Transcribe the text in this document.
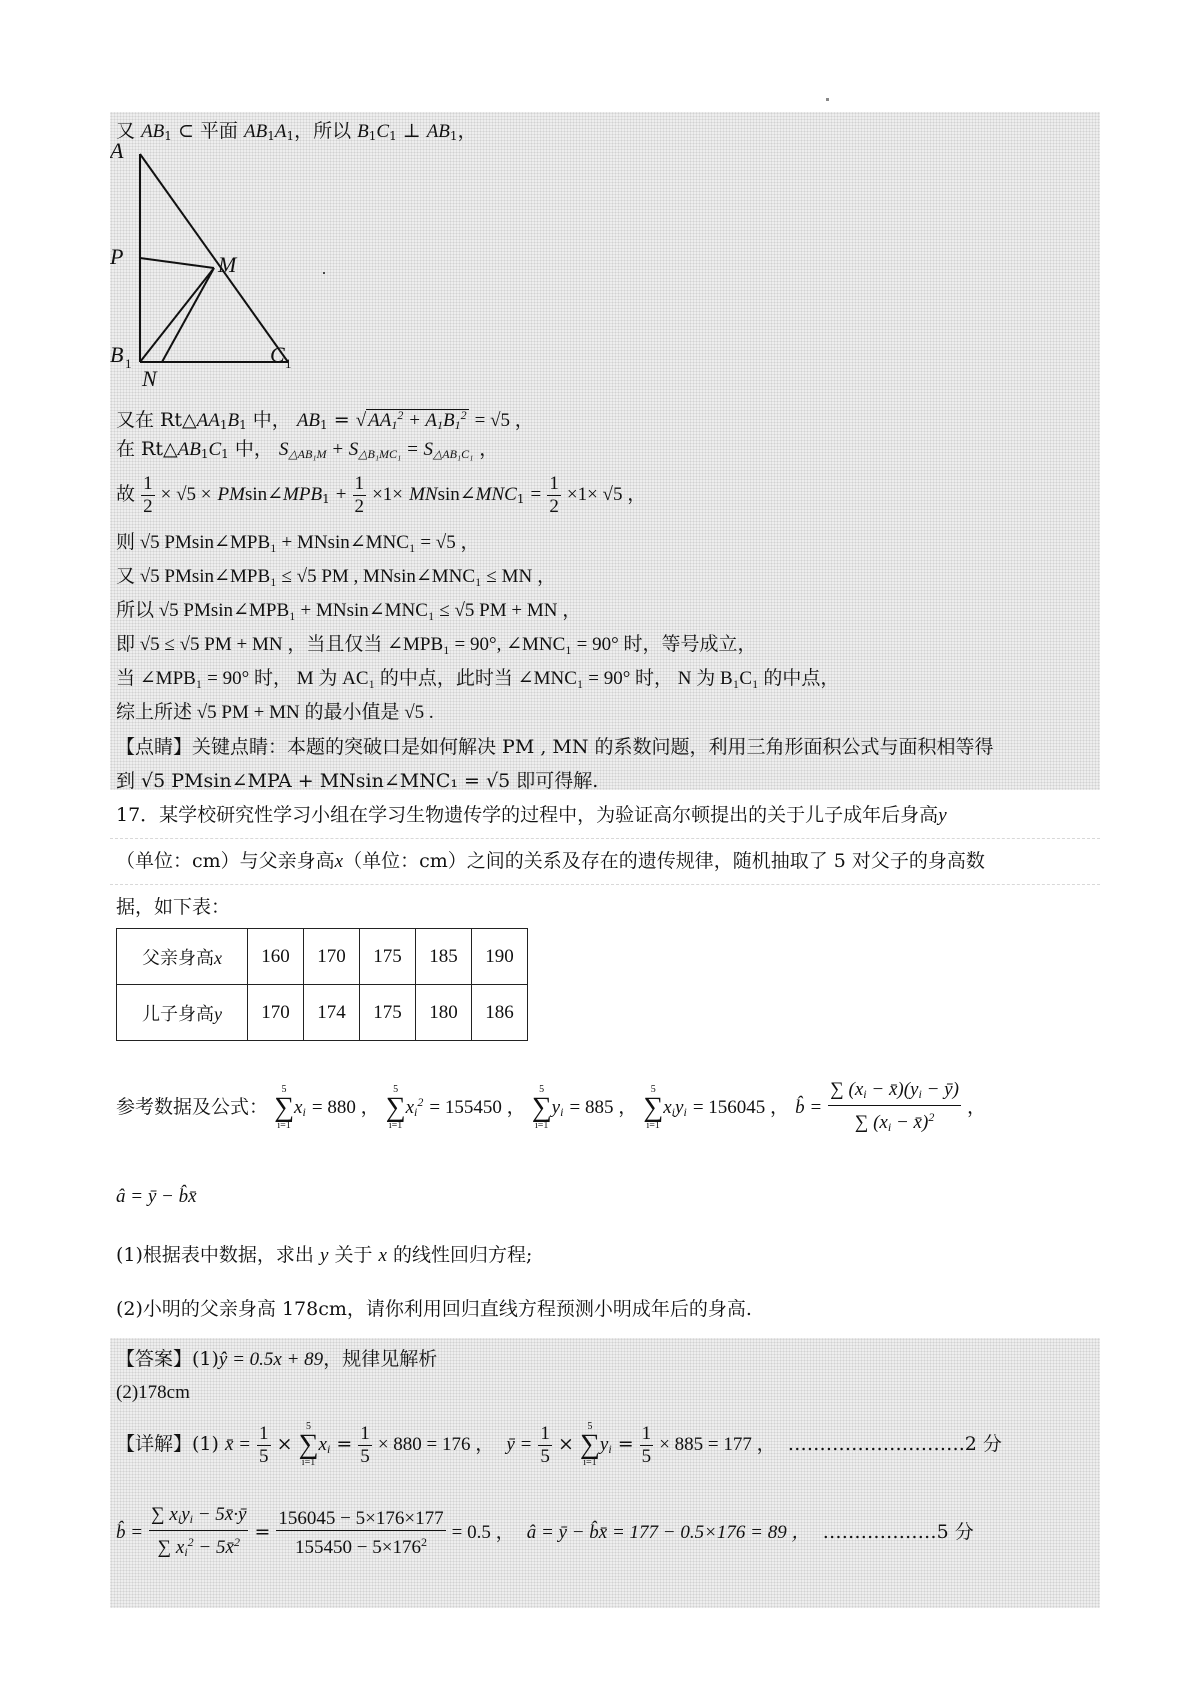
又 $AB_1$ ⊂ 平面 $AB_1A_1$，所以 $B_1C_1$ ⊥ $AB_1$，
A
P	M
B
N
C
1	1
又在 $Rt\triangle AA_1B_1$ 中， $AB_1$ = √ $AA_1^2 + A_1B_1^2 = √5$ ，
在 $Rt\triangle AB_1C_1$ 中， $S_{\triangle AB_1M} + S_{\triangle B_1MC_1} = S_{\triangle AB_1C_1}$ ，
故 $\frac{1}{2} \times √5$ × $PMsin\angle MPB_1 + \frac{1}{2} \times 1\times$ $MNsin\angle MNC_1 = \frac{1}{2} \times 1\times √5$ ，
则 √5 PMsin∠MPB₁ + MNsin∠MNC₁ = √5 ，
又 √5 PMsin∠MPB₁ ≤ √5 PM , MNsin∠MNC₁ ≤ MN ，
所以 √5 PMsin∠MPB₁ + MNsin∠MNC₁ ≤ √5 PM + MN ，
即 √5 ≤ √5 PM + MN ，当且仅当 ∠MPB₁ = 90°, ∠MNC₁ = 90° 时，等号成立，
当 ∠MPB₁ = 90° 时， M 为 AC₁ 的中点，此时当 ∠MNC₁ = 90° 时， N 为 B₁C₁ 的中点，
综上所述 √5 PM + MN 的最小值是 √5 .
【点睛】关键点睛：本题的突破口是如何解决 PM , MN 的系数问题，利用三角形面积公式与面积相等得
到 √5 PMsin∠MPA + MNsin∠MNC₁ = √5 即可得解.
17．某学校研究性学习小组在学习生物遗传学的过程中，为验证高尔顿提出的关于儿子成年后身高y
（单位：cm）与父亲身高x（单位：cm）之间的关系及存在的遗传规律，随机抽取了 5 对父子的身高数
据，如下表：
父亲身高x	160	170	175	185	190
儿子身高y	170	174	175	180	186
参考数据及公式：
5
∑
i=1
$x_i = 880$ ，
5
∑
i=1
$x_i^2 = 155450$ ，
5
∑
i=1
$y_i = 885$ ，
5
∑
i=1
$x_iy_i = 156045$ ， b̂ = $\frac{\sum (x_i - x̄)(y_i - ȳ)}{\sum (x_i - x̄)^2}$ ，
â = ȳ − b̂x̄
(1)根据表中数据，求出 y 关于 x 的线性回归方程;
(2)小明的父亲身高 178cm，请你利用回归直线方程预测小明成年后的身高.
【答案】(1)ŷ = 0.5x + 89，规律见解析
(2)178cm
【详解】(1) x̄ = $\frac{1}{5}$ ×
5
∑
i=1
$x_i = \frac{1}{5} \times 880 = 176$ ， ȳ = $\frac{1}{5}$ ×
5
∑
i=1
$y_i = \frac{1}{5} \times 885 = 177$ ， ……………………….2 分
b̂ = $\frac{\sum x_iy_i - 5x̄\cdot ȳ}{\sum x_i^2 - 5x̄^2} = \frac{156045 - 5\times 176\times 177}{155450 - 5\times 176^2} = 0.5$ ， â = ȳ − b̂x̄ = 177 − 0.5×176 = 89 ， ………………5 分
